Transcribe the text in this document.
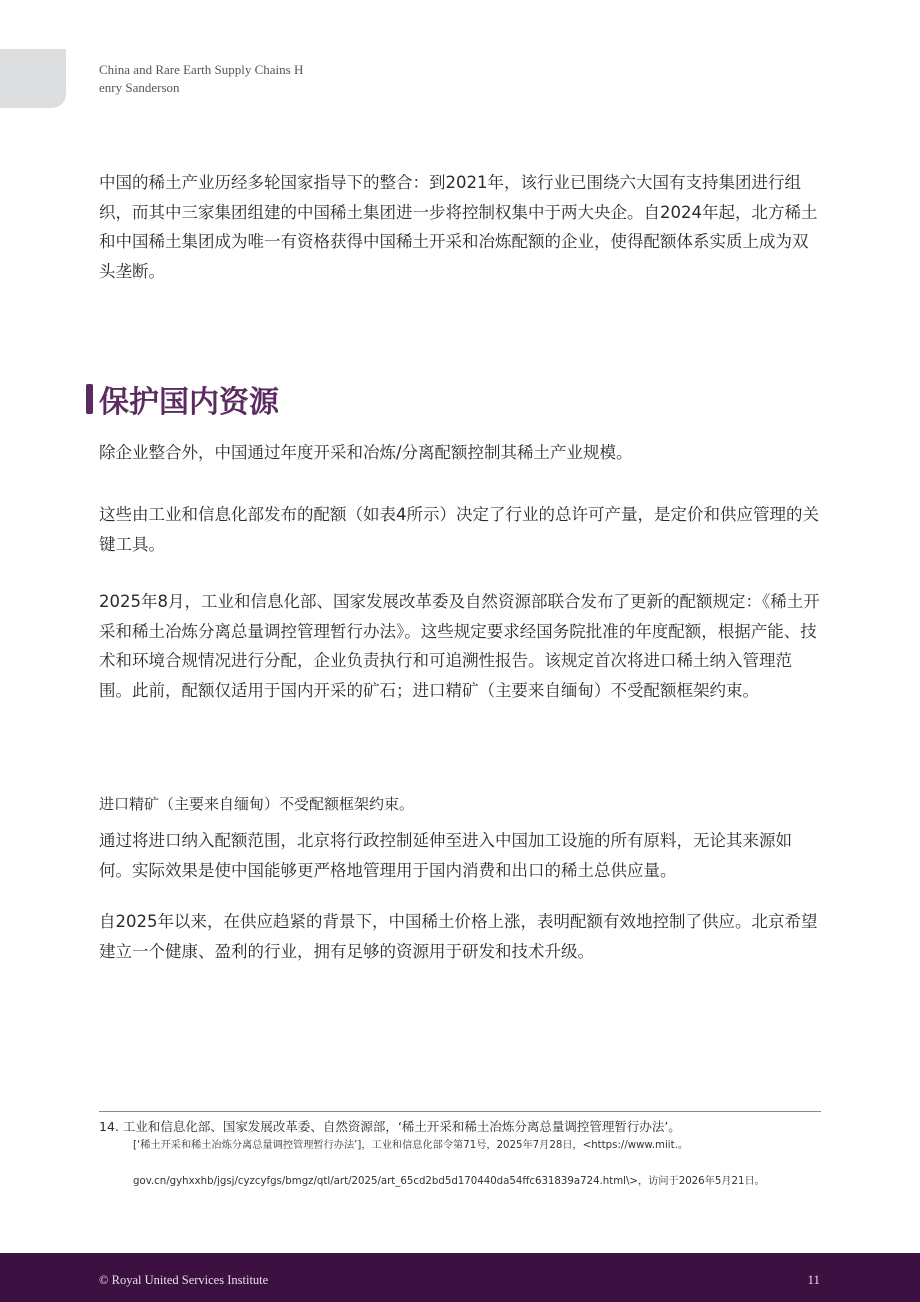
China and Rare Earth Supply Chains H
enry Sanderson

中国的稀土产业历经多轮国家指导下的整合：到2021年，该行业已围绕六大国有支持集团进行组织，而其中三家集团组建的中国稀土集团进一步将控制权集中于两大央企。自2024年起，北方稀土和中国稀土集团成为唯一有资格获得中国稀土开采和冶炼配额的企业，使得配额体系实质上成为双头垄断。

保护国内资源

除企业整合外，中国通过年度开采和冶炼/分离配额控制其稀土产业规模。

这些由工业和信息化部发布的配额（如表4所示）决定了行业的总许可产量，是定价和供应管理的关键工具。

2025年8月，工业和信息化部、国家发展改革委及自然资源部联合发布了更新的配额规定：《稀土开采和稀土冶炼分离总量调控管理暂行办法》。这些规定要求经国务院批准的年度配额，根据产能、技术和环境合规情况进行分配，企业负责执行和可追溯性报告。该规定首次将进口稀土纳入管理范围。此前，配额仅适用于国内开采的矿石；进口精矿（主要来自缅甸）不受配额框架约束。

进口精矿（主要来自缅甸）不受配额框架约束。

通过将进口纳入配额范围，北京将行政控制延伸至进入中国加工设施的所有原料，无论其来源如何。实际效果是使中国能够更严格地管理用于国内消费和出口的稀土总供应量。

自2025年以来，在供应趋紧的背景下，中国稀土价格上涨，表明配额有效地控制了供应。北京希望建立一个健康、盈利的行业，拥有足够的资源用于研发和技术升级。

14. 工业和信息化部、国家发展改革委、自然资源部，‘稀土开采和稀土冶炼分离总量调控管理暂行办法’。
[‘稀土开采和稀土冶炼分离总量调控管理暂行办法’]，工业和信息化部令第71号，2025年7月28日，<https://www.miit.。
gov.cn/gyhxxhb/jgsj/cyzcyfgs/bmgz/qtl/art/2025/art_65cd2bd5d170440da54ffc631839a724.html\>，访问于2026年5月21日。
© Royal United Services Institute	11
